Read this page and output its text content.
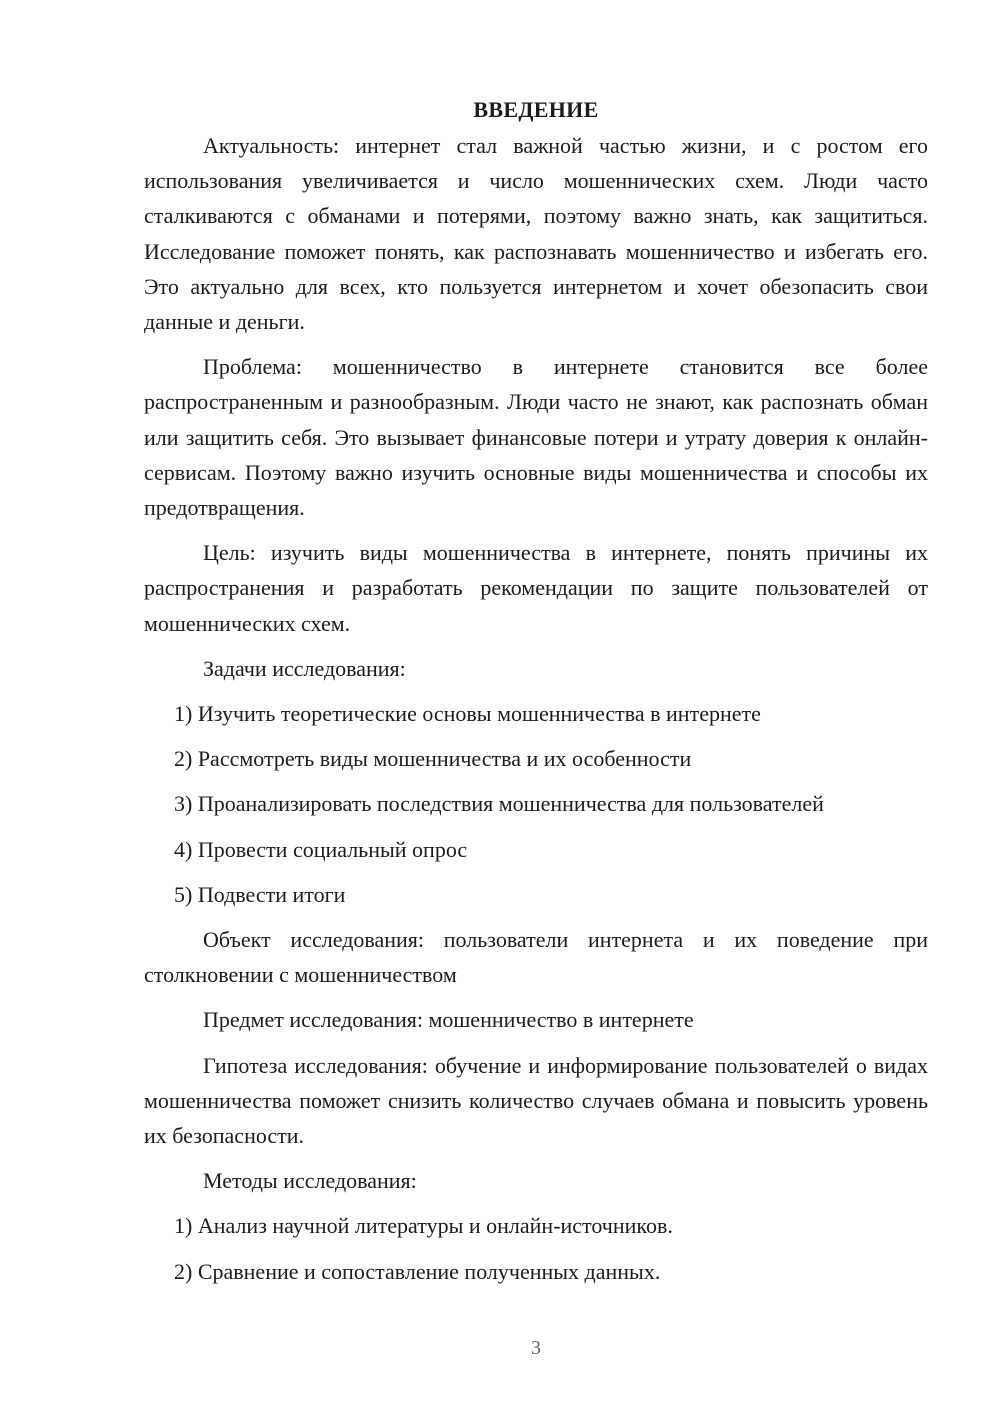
ВВЕДЕНИЕ

Актуальность: интернет стал важной частью жизни, и с ростом его использования увеличивается и число мошеннических схем. Люди часто сталкиваются с обманами и потерями, поэтому важно знать, как защититься. Исследование поможет понять, как распознавать мошенничество и избегать его. Это актуально для всех, кто пользуется интернетом и хочет обезопасить свои данные и деньги.

Проблема: мошенничество в интернете становится все более распространенным и разнообразным. Люди часто не знают, как распознать обман или защитить себя. Это вызывает финансовые потери и утрату доверия к онлайн-сервисам. Поэтому важно изучить основные виды мошенничества и способы их предотвращения.

Цель: изучить виды мошенничества в интернете, понять причины их распространения и разработать рекомендации по защите пользователей от мошеннических схем.

Задачи исследования:

1) Изучить теоретические основы мошенничества в интернете
2) Рассмотреть виды мошенничества и их особенности
3) Проанализировать последствия мошенничества для пользователей
4) Провести социальный опрос
5) Подвести итоги

Объект исследования: пользователи интернета и их поведение при столкновении с мошенничеством

Предмет исследования: мошенничество в интернете

Гипотеза исследования: обучение и информирование пользователей о видах мошенничества поможет снизить количество случаев обмана и повысить уровень их безопасности.

Методы исследования:

1) Анализ научной литературы и онлайн-источников.
2) Сравнение и сопоставление полученных данных.
3
